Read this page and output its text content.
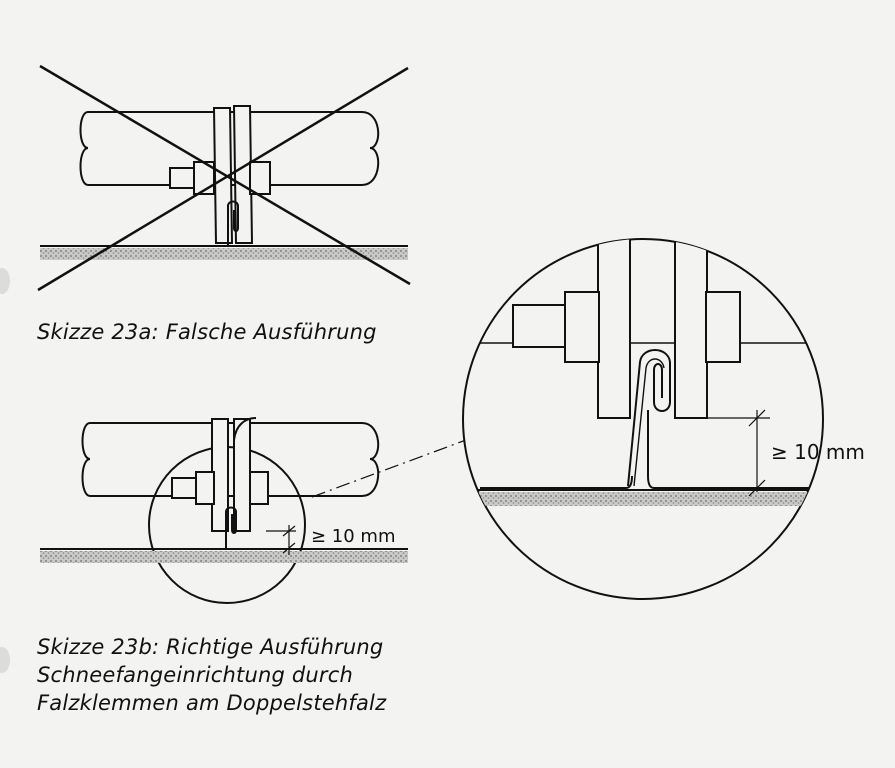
≥ 10 mm
≥ 10 mm
Skizze 23a: Falsche Ausführung
Skizze 23b: Richtige Ausführung
Schneefangeinrichtung durch
Falzklemmen am Doppelstehfalz
